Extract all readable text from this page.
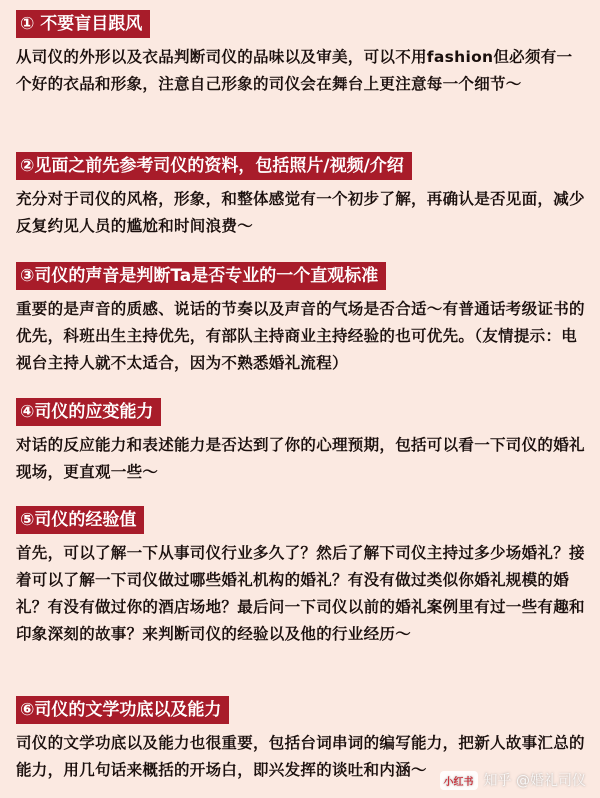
① 不要盲目跟风
从司仪的外形以及衣品判断司仪的品味以及审美，可以不用fashion但必须有一个好的衣品和形象，注意自己形象的司仪会在舞台上更注意每一个细节～
②见面之前先参考司仪的资料，包括照片/视频/介绍
充分对于司仪的风格，形象，和整体感觉有一个初步了解，再确认是否见面，减少反复约见人员的尴尬和时间浪费～
③司仪的声音是判断Ta是否专业的一个直观标准
重要的是声音的质感、说话的节奏以及声音的气场是否合适～有普通话考级证书的优先，科班出生主持优先，有部队主持商业主持经验的也可优先。（友情提示：电视台主持人就不太适合，因为不熟悉婚礼流程）
④司仪的应变能力
对话的反应能力和表述能力是否达到了你的心理预期，包括可以看一下司仪的婚礼现场，更直观一些～
⑤司仪的经验值
首先，可以了解一下从事司仪行业多久了？然后了解下司仪主持过多少场婚礼？接着可以了解一下司仪做过哪些婚礼机构的婚礼？有没有做过类似你婚礼规模的婚礼？有没有做过你的酒店场地？最后问一下司仪以前的婚礼案例里有过一些有趣和印象深刻的故事？来判断司仪的经验以及他的行业经历～
⑥司仪的文学功底以及能力
司仪的文学功底以及能力也很重要，包括台词串词的编写能力，把新人故事汇总的能力，用几句话来概括的开场白，即兴发挥的谈吐和内涵～
小红书 知乎 @婚礼司仪
